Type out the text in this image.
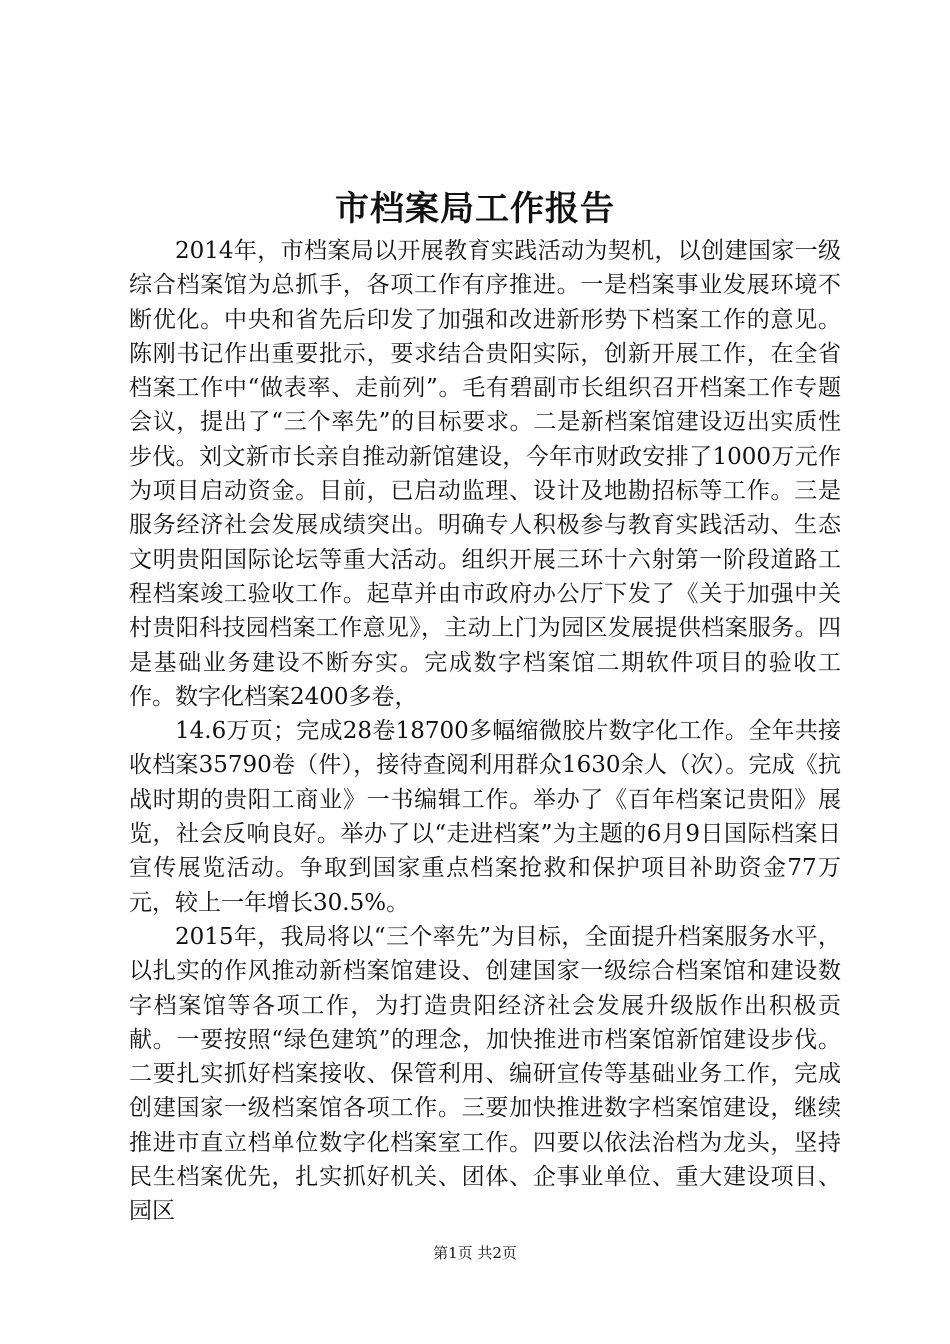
市档案局工作报告

2014年，市档案局以开展教育实践活动为契机，以创建国家一级综合档案馆为总抓手，各项工作有序推进。一是档案事业发展环境不断优化。中央和省先后印发了加强和改进新形势下档案工作的意见。陈刚书记作出重要批示，要求结合贵阳实际，创新开展工作，在全省档案工作中“做表率、走前列”。毛有碧副市长组织召开档案工作专题会议，提出了“三个率先”的目标要求。二是新档案馆建设迈出实质性步伐。刘文新市长亲自推动新馆建设，今年市财政安排了1000万元作为项目启动资金。目前，已启动监理、设计及地勘招标等工作。三是服务经济社会发展成绩突出。明确专人积极参与教育实践活动、生态文明贵阳国际论坛等重大活动。组织开展三环十六射第一阶段道路工程档案竣工验收工作。起草并由市政府办公厅下发了《关于加强中关村贵阳科技园档案工作意见》，主动上门为园区发展提供档案服务。四是基础业务建设不断夯实。完成数字档案馆二期软件项目的验收工作。数字化档案2400多卷，

14.6万页；完成28卷18700多幅缩微胶片数字化工作。全年共接收档案35790卷（件），接待查阅利用群众1630余人（次）。完成《抗战时期的贵阳工商业》一书编辑工作。举办了《百年档案记贵阳》展览，社会反响良好。举办了以“走进档案”为主题的6月9日国际档案日宣传展览活动。争取到国家重点档案抢救和保护项目补助资金77万元，较上一年增长30.5%。

2015年，我局将以“三个率先”为目标，全面提升档案服务水平，以扎实的作风推动新档案馆建设、创建国家一级综合档案馆和建设数字档案馆等各项工作，为打造贵阳经济社会发展升级版作出积极贡献。一要按照“绿色建筑”的理念，加快推进市档案馆新馆建设步伐。二要扎实抓好档案接收、保管利用、编研宣传等基础业务工作，完成创建国家一级档案馆各项工作。三要加快推进数字档案馆建设，继续推进市直立档单位数字化档案室工作。四要以依法治档为龙头，坚持民生档案优先，扎实抓好机关、团体、企事业单位、重大建设项目、园区

第1页 共2页
